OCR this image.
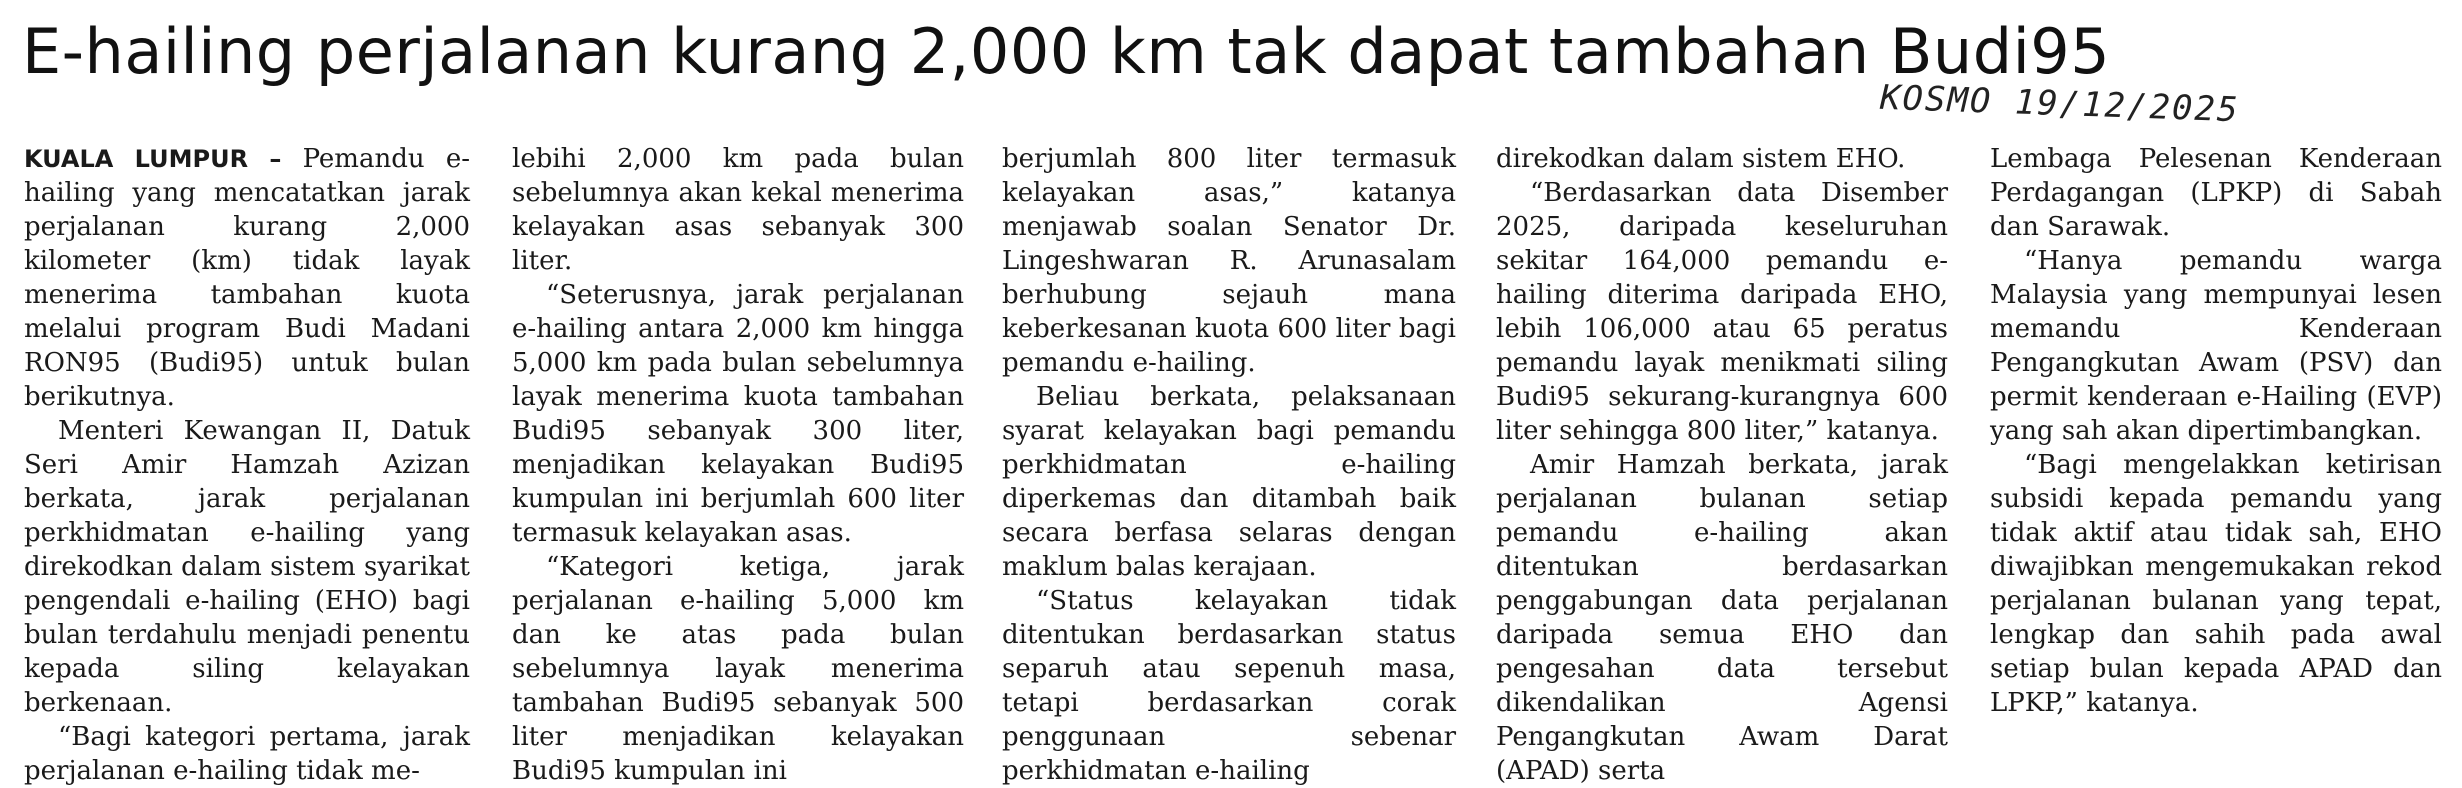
E-hailing perjalanan kurang 2,000 km tak dapat tambahan Budi95
KOSMO 19/12/2025

KUALA LUMPUR – Pemandu e-hailing yang mencatatkan jarak perjalanan kurang 2,000 kilometer (km) tidak layak menerima tambahan kuota melalui program Budi Madani RON95 (Budi95) untuk bulan berikutnya.

Menteri Kewangan II, Datuk Seri Amir Hamzah Azizan berkata, jarak perjalanan perkhidmatan e-hailing yang direkodkan dalam sistem syarikat pengendali e-hailing (EHO) bagi bulan terdahulu menjadi penentu kepada siling kelayakan berkenaan.

“Bagi kategori pertama, jarak perjalanan e-hailing tidak me-

lebihi 2,000 km pada bulan sebelumnya akan kekal menerima kelayakan asas sebanyak 300 liter.

“Seterusnya, jarak perjalanan e-hailing antara 2,000 km hingga 5,000 km pada bulan sebelumnya layak menerima kuota tambahan Budi95 sebanyak 300 liter, menjadikan kelayakan Budi95 kumpulan ini berjumlah 600 liter termasuk kelayakan asas.

“Kategori ketiga, jarak perjalanan e-hailing 5,000 km dan ke atas pada bulan sebelumnya layak menerima tambahan Budi95 sebanyak 500 liter menjadikan kelayakan Budi95 kumpulan ini

berjumlah 800 liter termasuk kelayakan asas,” katanya menjawab soalan Senator Dr. Lingeshwaran R. Arunasalam berhubung sejauh mana keberkesanan kuota 600 liter bagi pemandu e-hailing.

Beliau berkata, pelaksanaan syarat kelayakan bagi pemandu perkhidmatan e-hailing diperkemas dan ditambah baik secara berfasa selaras dengan maklum balas kerajaan.

“Status kelayakan tidak ditentukan berdasarkan status separuh atau sepenuh masa, tetapi berdasarkan corak penggunaan sebenar perkhidmatan e-hailing

direkodkan dalam sistem EHO.

“Berdasarkan data Disember 2025, daripada keseluruhan sekitar 164,000 pemandu e-hailing diterima daripada EHO, lebih 106,000 atau 65 peratus pemandu layak menikmati siling Budi95 sekurang-kurangnya 600 liter sehingga 800 liter,” katanya.

Amir Hamzah berkata, jarak perjalanan bulanan setiap pemandu e-hailing akan ditentukan berdasarkan penggabungan data perjalanan daripada semua EHO dan pengesahan data tersebut dikendalikan Agensi Pengangkutan Awam Darat (APAD) serta

Lembaga Pelesenan Kenderaan Perdagangan (LPKP) di Sabah dan Sarawak.

“Hanya pemandu warga Malaysia yang mempunyai lesen memandu Kenderaan Pengangkutan Awam (PSV) dan permit kenderaan e-Hailing (EVP) yang sah akan dipertimbangkan.

“Bagi mengelakkan ketirisan subsidi kepada pemandu yang tidak aktif atau tidak sah, EHO diwajibkan mengemukakan rekod perjalanan bulanan yang tepat, lengkap dan sahih pada awal setiap bulan kepada APAD dan LPKP,” katanya.
